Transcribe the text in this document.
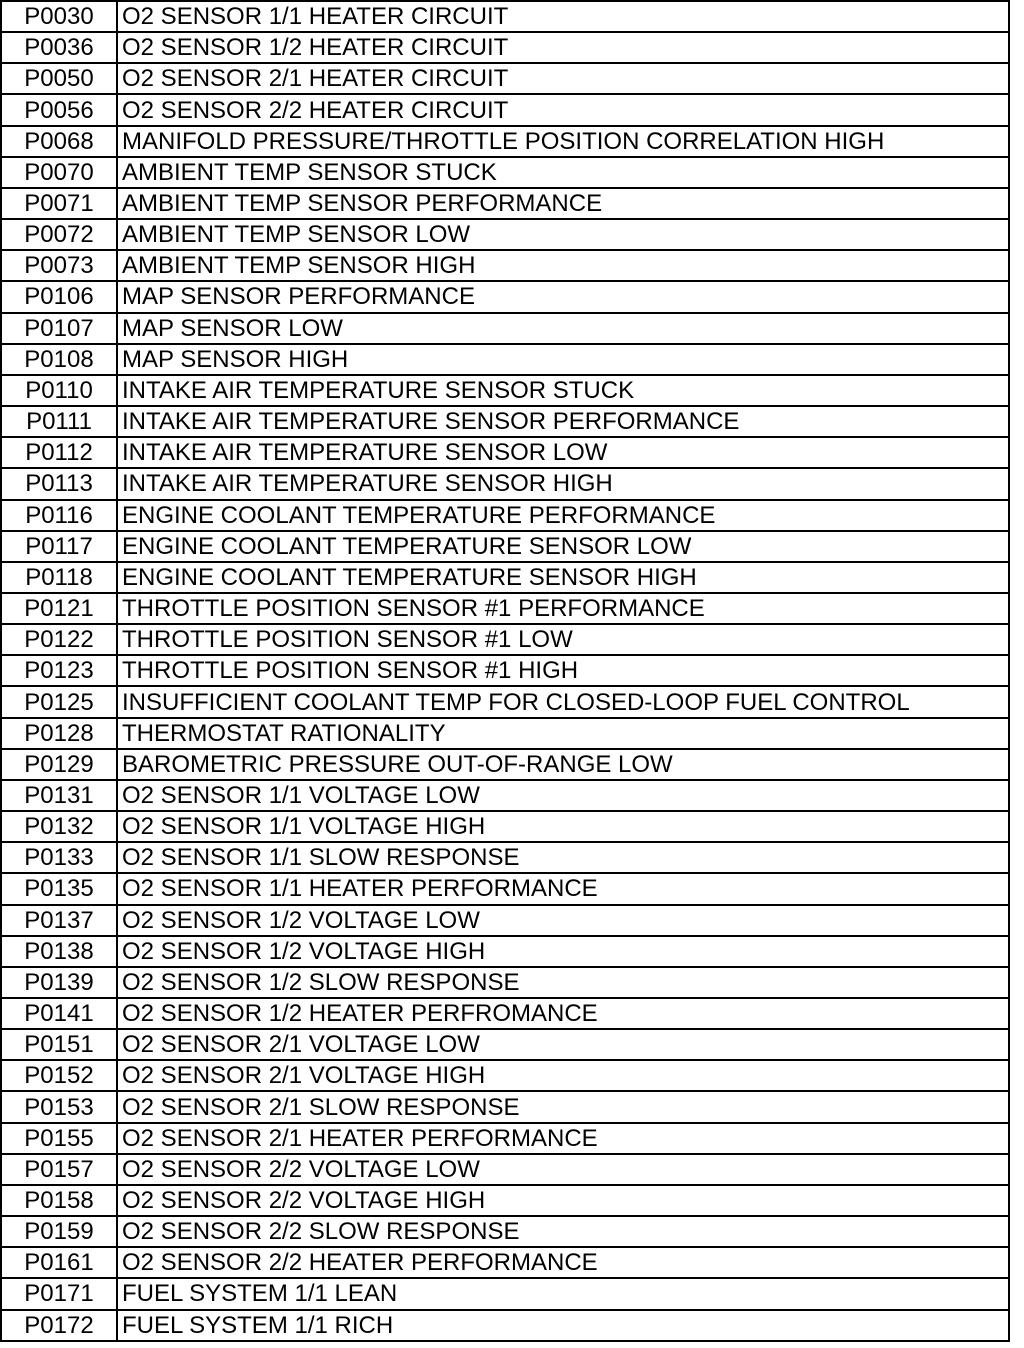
P0030	O2 SENSOR 1/1 HEATER CIRCUIT
P0036	O2 SENSOR 1/2 HEATER CIRCUIT
P0050	O2 SENSOR 2/1 HEATER CIRCUIT
P0056	O2 SENSOR 2/2 HEATER CIRCUIT
P0068	MANIFOLD PRESSURE/THROTTLE POSITION CORRELATION HIGH
P0070	AMBIENT TEMP SENSOR STUCK
P0071	AMBIENT TEMP SENSOR PERFORMANCE
P0072	AMBIENT TEMP SENSOR LOW
P0073	AMBIENT TEMP SENSOR HIGH
P0106	MAP SENSOR PERFORMANCE
P0107	MAP SENSOR LOW
P0108	MAP SENSOR HIGH
P0110	INTAKE AIR TEMPERATURE SENSOR STUCK
P0111	INTAKE AIR TEMPERATURE SENSOR PERFORMANCE
P0112	INTAKE AIR TEMPERATURE SENSOR LOW
P0113	INTAKE AIR TEMPERATURE SENSOR HIGH
P0116	ENGINE COOLANT TEMPERATURE PERFORMANCE
P0117	ENGINE COOLANT TEMPERATURE SENSOR LOW
P0118	ENGINE COOLANT TEMPERATURE SENSOR HIGH
P0121	THROTTLE POSITION SENSOR #1 PERFORMANCE
P0122	THROTTLE POSITION SENSOR #1 LOW
P0123	THROTTLE POSITION SENSOR #1 HIGH
P0125	INSUFFICIENT COOLANT TEMP FOR CLOSED-LOOP FUEL CONTROL
P0128	THERMOSTAT RATIONALITY
P0129	BAROMETRIC PRESSURE OUT-OF-RANGE LOW
P0131	O2 SENSOR 1/1 VOLTAGE LOW
P0132	O2 SENSOR 1/1 VOLTAGE HIGH
P0133	O2 SENSOR 1/1 SLOW RESPONSE
P0135	O2 SENSOR 1/1 HEATER PERFORMANCE
P0137	O2 SENSOR 1/2 VOLTAGE LOW
P0138	O2 SENSOR 1/2 VOLTAGE HIGH
P0139	O2 SENSOR 1/2 SLOW RESPONSE
P0141	O2 SENSOR 1/2 HEATER PERFROMANCE
P0151	O2 SENSOR 2/1 VOLTAGE LOW
P0152	O2 SENSOR 2/1 VOLTAGE HIGH
P0153	O2 SENSOR 2/1 SLOW RESPONSE
P0155	O2 SENSOR 2/1 HEATER PERFORMANCE
P0157	O2 SENSOR 2/2 VOLTAGE LOW
P0158	O2 SENSOR 2/2 VOLTAGE HIGH
P0159	O2 SENSOR 2/2 SLOW RESPONSE
P0161	O2 SENSOR 2/2 HEATER PERFORMANCE
P0171	FUEL SYSTEM 1/1 LEAN
P0172	FUEL SYSTEM 1/1 RICH
